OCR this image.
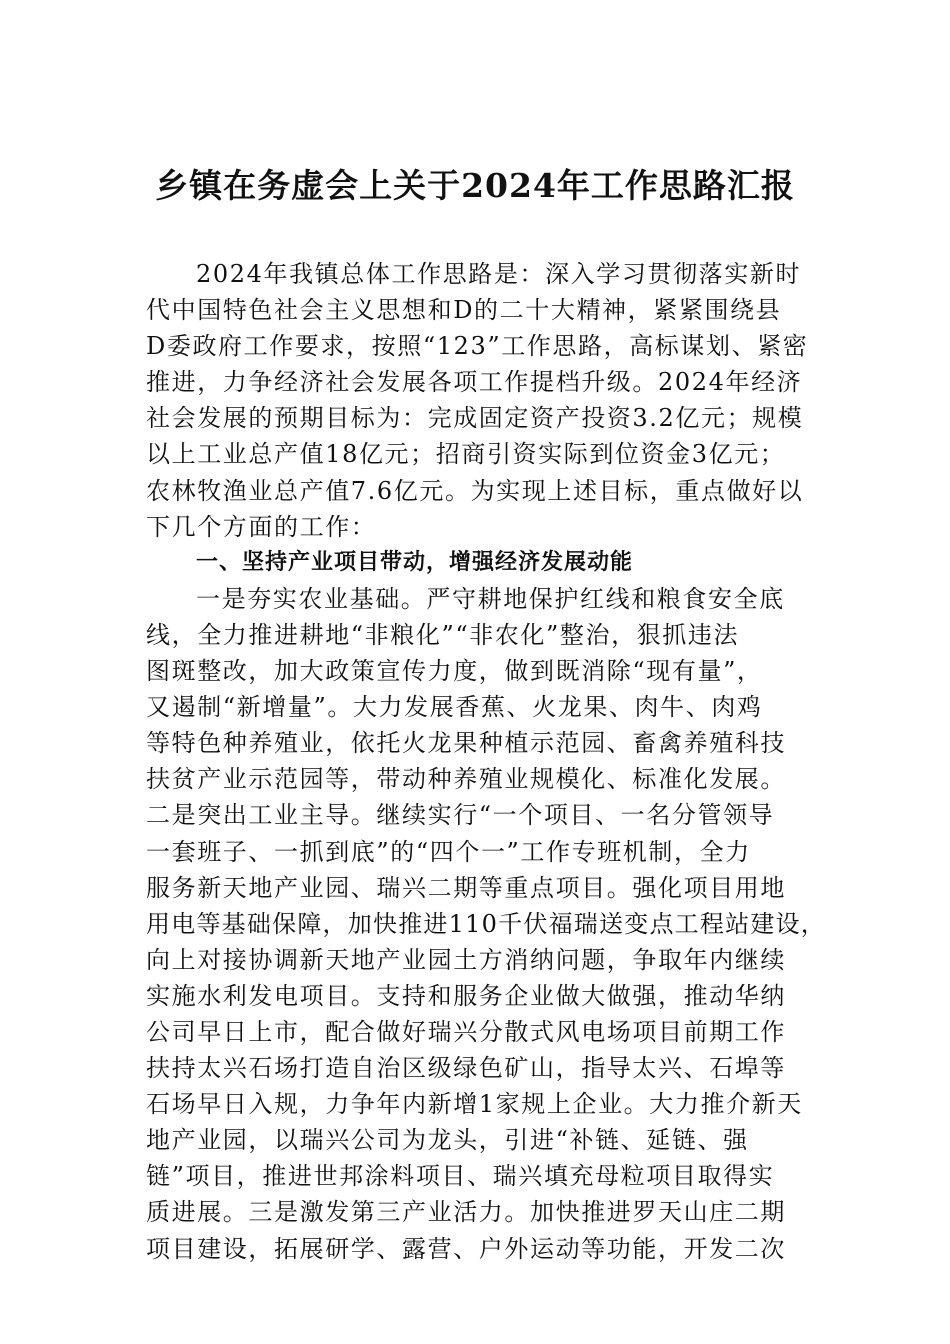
乡镇在务虚会上关于2024年工作思路汇报
2024年我镇总体工作思路是：深入学习贯彻落实新时
代中国特色社会主义思想和D的二十大精神，紧紧围绕县
D委政府工作要求，按照“123”工作思路，高标谋划、紧密
推进，力争经济社会发展各项工作提档升级。2024年经济
社会发展的预期目标为：完成固定资产投资3.2亿元；规模
以上工业总产值18亿元；招商引资实际到位资金3亿元；
农林牧渔业总产值7.6亿元。为实现上述目标，重点做好以
下几个方面的工作：
一、坚持产业项目带动，增强经济发展动能
一是夯实农业基础。严守耕地保护红线和粮食安全底
线，全力推进耕地“非粮化”“非农化”整治，狠抓违法
图斑整改，加大政策宣传力度，做到既消除“现有量”，
又遏制“新增量”。大力发展香蕉、火龙果、肉牛、肉鸡
等特色种养殖业，依托火龙果种植示范园、畜禽养殖科技
扶贫产业示范园等，带动种养殖业规模化、标准化发展。
二是突出工业主导。继续实行“一个项目、一名分管领导
一套班子、一抓到底”的“四个一”工作专班机制，全力
服务新天地产业园、瑞兴二期等重点项目。强化项目用地
用电等基础保障，加快推进110千伏福瑞送变点工程站建设，
向上对接协调新天地产业园土方消纳问题，争取年内继续
实施水利发电项目。支持和服务企业做大做强，推动华纳
公司早日上市，配合做好瑞兴分散式风电场项目前期工作
扶持太兴石场打造自治区级绿色矿山，指导太兴、石埠等
石场早日入规，力争年内新增1家规上企业。大力推介新天
地产业园，以瑞兴公司为龙头，引进“补链、延链、强
链”项目，推进世邦涂料项目、瑞兴填充母粒项目取得实
质进展。三是激发第三产业活力。加快推进罗天山庄二期
项目建设，拓展研学、露营、户外运动等功能，开发二次
